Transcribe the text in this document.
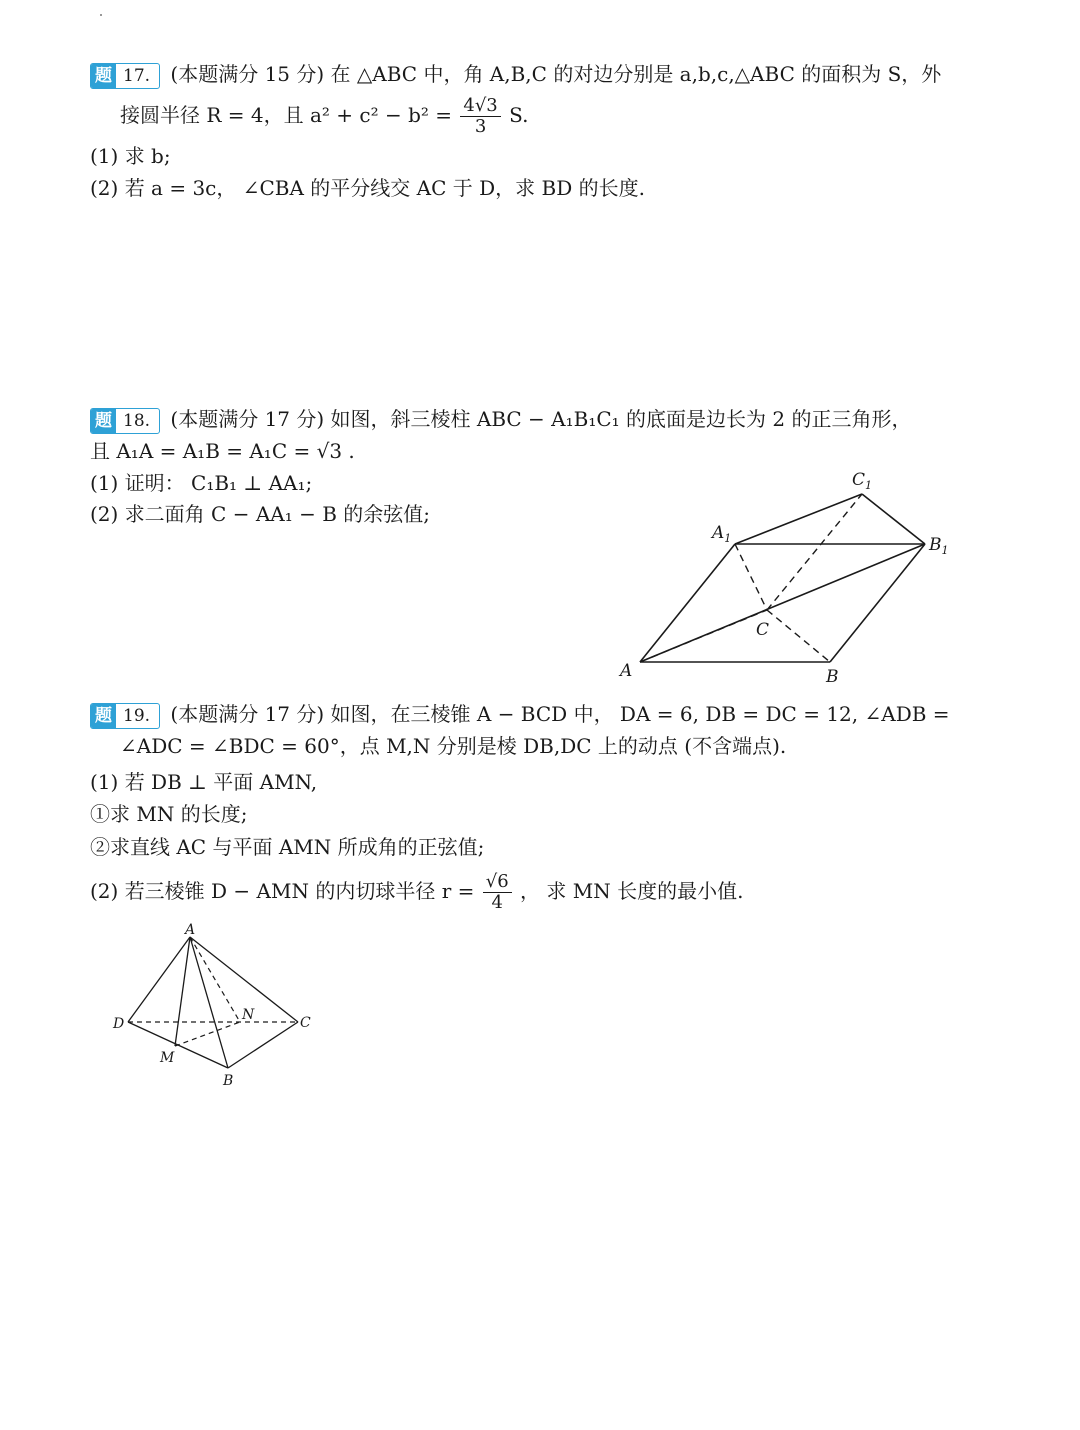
题 17.	(本题满分 15 分) 在 △ABC 中，角 A,B,C 的对边分别是 a,b,c,△ABC 的面积为 S，外
接圆半径 R = 4，且 $a^2 + c^2 - b^2 = \frac{4√3}{3} S$.
(1) 求 b;
(2) 若 a = 3c， ∠CBA 的平分线交 AC 于 D，求 BD 的长度.
题 18.	(本题满分 17 分) 如图，斜三棱柱 ABC − A₁B₁C₁ 的底面是边长为 2 的正三角形，
且 A₁A = A₁B = A₁C = √3 .
(1) 证明： C₁B₁ ⊥ AA₁;
(2) 求二面角 C − AA₁ − B 的余弦值;
$C_1$
$A_1$	$B_1$
C
A	B
题 19.	(本题满分 17 分) 如图，在三棱锥 A − BCD 中， DA = 6, DB = DC = 12, ∠ADB =
∠ADC = ∠BDC = 60°，点 M,N 分别是棱 DB,DC 上的动点 (不含端点).
(1) 若 DB ⊥ 平面 AMN,
①求 MN 的长度;
②求直线 AC 与平面 AMN 所成角的正弦值;
(2) 若三棱锥 D − AMN 的内切球半径 $r = \frac{√6}{4}$ ， 求 MN 长度的最小值.
A
D
N	C
M
B
